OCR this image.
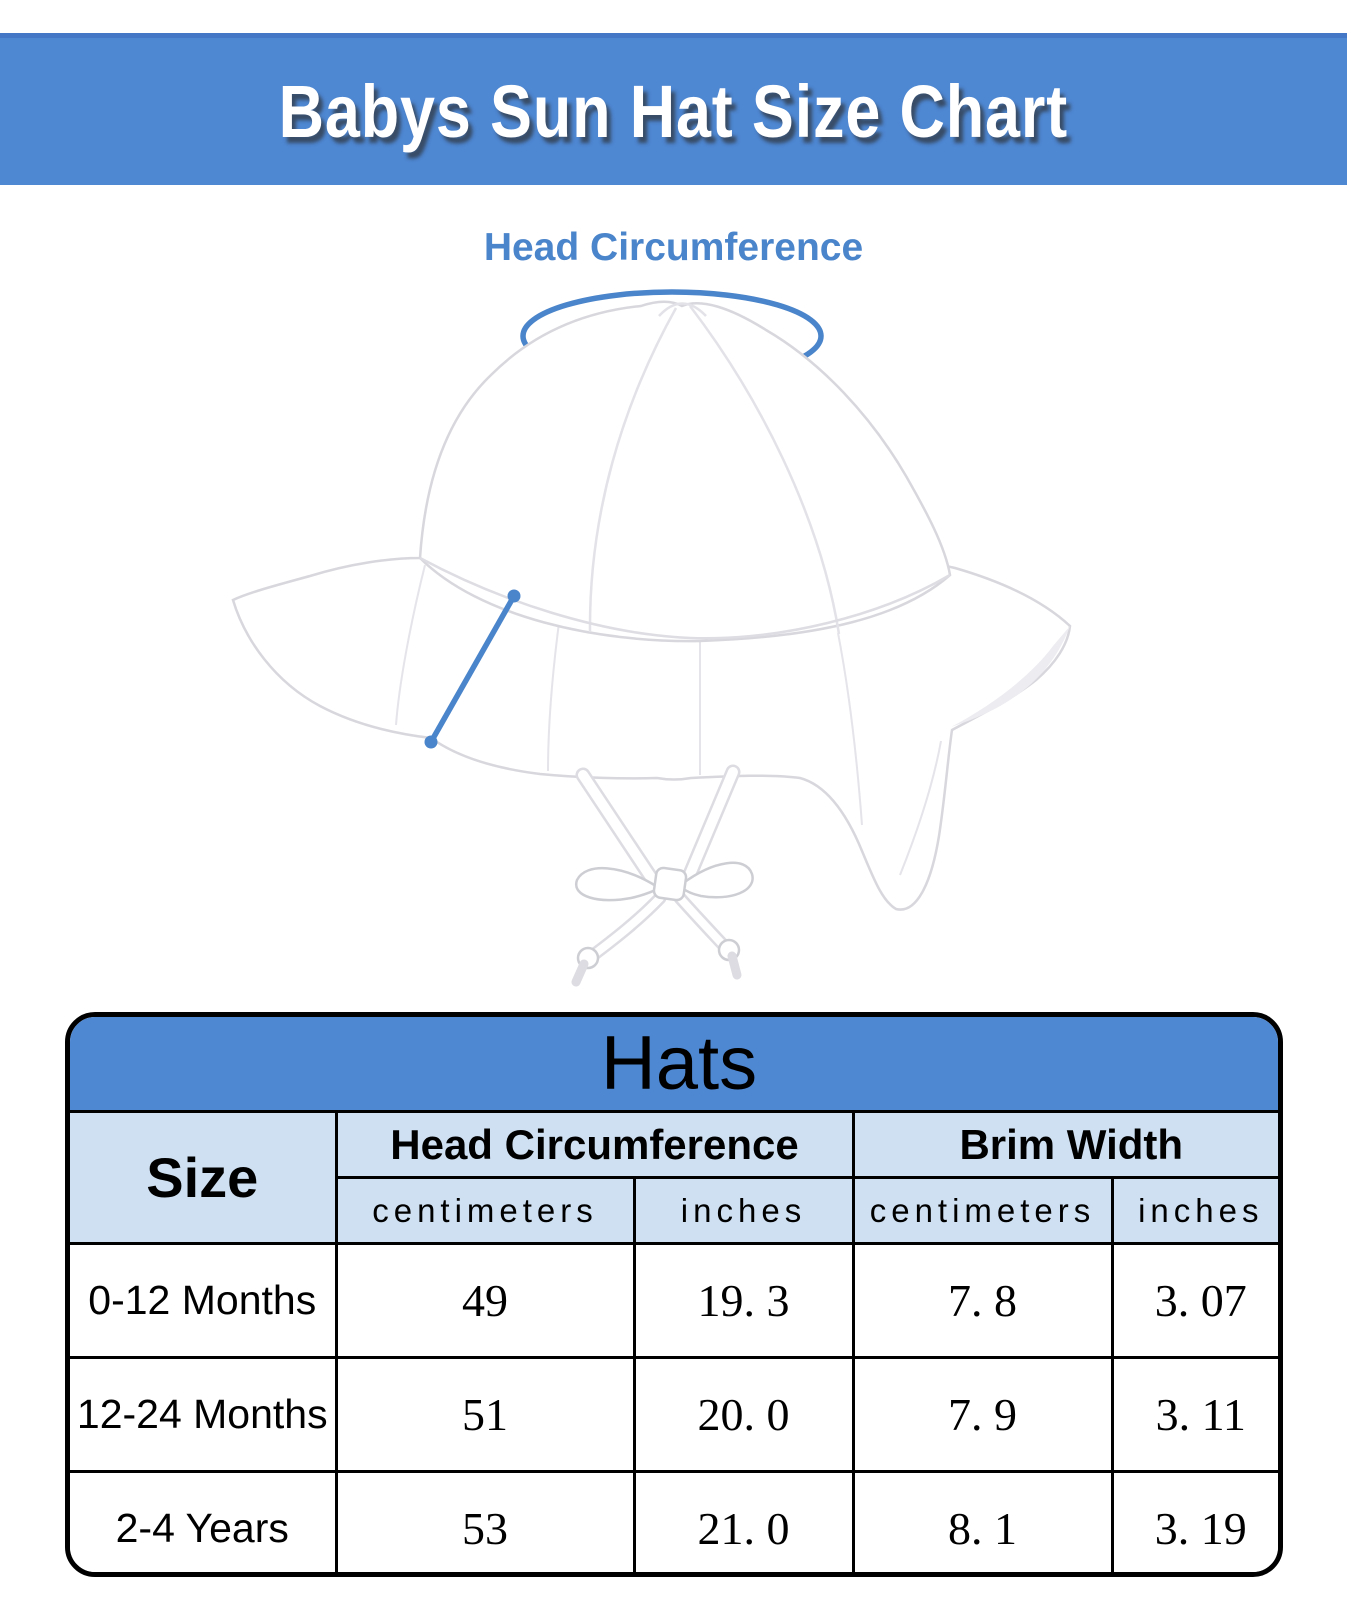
Babys Sun Hat Size Chart
Head Circumference
Hats				
Size	Head Circumference		Brim Width	
	centimeters	inches	centimeters	inches
0-12 Months	49	19. 3	7. 8	3. 07
12-24 Months	51	20. 0	7. 9	3. 11
2-4 Years	53	21. 0	8. 1	3. 19
